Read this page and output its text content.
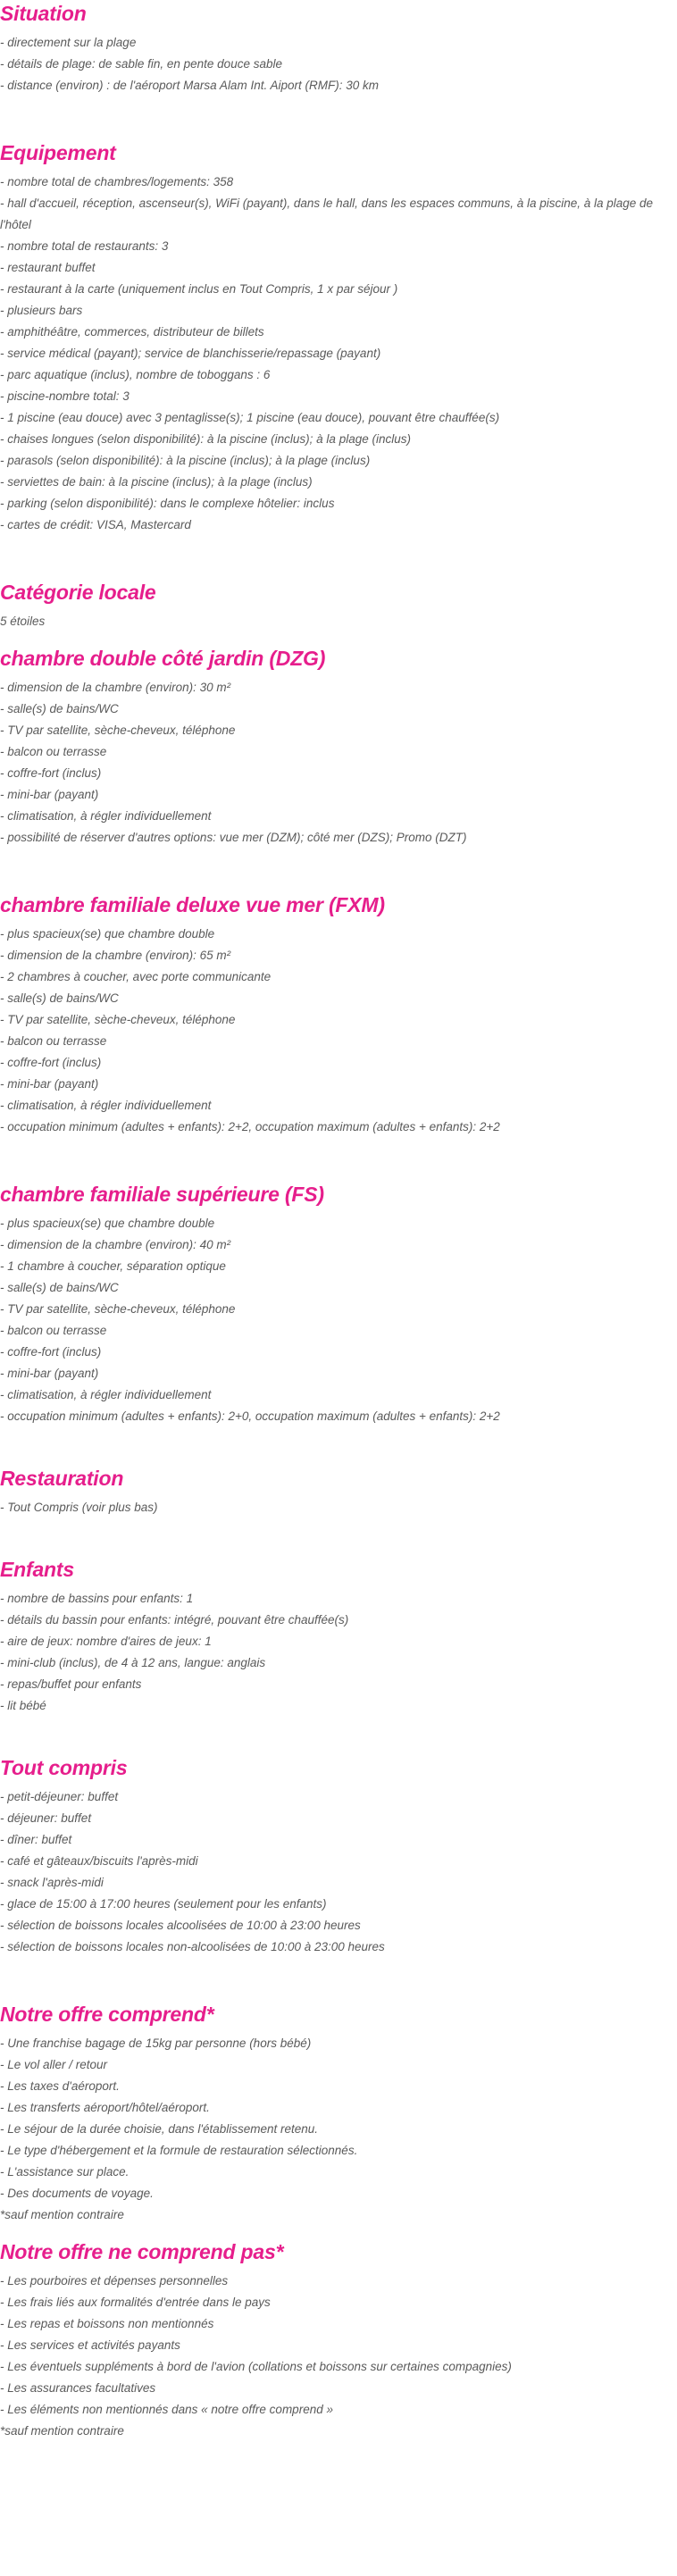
Situation

- directement sur la plage

- détails de plage: de sable fin, en pente douce sable

- distance (environ) : de l'aéroport Marsa Alam Int. Aiport (RMF): 30 km

Equipement

- nombre total de chambres/logements: 358

- hall d'accueil, réception, ascenseur(s), WiFi (payant), dans le hall, dans les espaces communs, à la piscine, à la plage de l'hôtel

- nombre total de restaurants: 3

- restaurant buffet

- restaurant à la carte (uniquement inclus en Tout Compris, 1 x par séjour )

- plusieurs bars

- amphithéâtre, commerces, distributeur de billets

- service médical (payant); service de blanchisserie/repassage (payant)

- parc aquatique (inclus), nombre de toboggans : 6

- piscine-nombre total: 3

- 1 piscine (eau douce) avec 3 pentaglisse(s); 1 piscine (eau douce), pouvant être chauffée(s)

- chaises longues (selon disponibilité): à la piscine (inclus); à la plage (inclus)

- parasols (selon disponibilité): à la piscine (inclus); à la plage (inclus)

- serviettes de bain: à la piscine (inclus); à la plage (inclus)

- parking (selon disponibilité): dans le complexe hôtelier: inclus

- cartes de crédit: VISA, Mastercard

Catégorie locale

5 étoiles

chambre double côté jardin (DZG)

- dimension de la chambre (environ): 30 m²

- salle(s) de bains/WC

- TV par satellite, sèche-cheveux, téléphone

- balcon ou terrasse

- coffre-fort (inclus)

- mini-bar (payant)

- climatisation, à régler individuellement

- possibilité de réserver d'autres options: vue mer (DZM); côté mer (DZS); Promo (DZT)

chambre familiale deluxe vue mer (FXM)

- plus spacieux(se) que chambre double

- dimension de la chambre (environ): 65 m²

- 2 chambres à coucher, avec porte communicante

- salle(s) de bains/WC

- TV par satellite, sèche-cheveux, téléphone

- balcon ou terrasse

- coffre-fort (inclus)

- mini-bar (payant)

- climatisation, à régler individuellement

- occupation minimum (adultes + enfants): 2+2, occupation maximum (adultes + enfants): 2+2

chambre familiale supérieure (FS)

- plus spacieux(se) que chambre double

- dimension de la chambre (environ): 40 m²

- 1 chambre à coucher, séparation optique

- salle(s) de bains/WC

- TV par satellite, sèche-cheveux, téléphone

- balcon ou terrasse

- coffre-fort (inclus)

- mini-bar (payant)

- climatisation, à régler individuellement

- occupation minimum (adultes + enfants): 2+0, occupation maximum (adultes + enfants): 2+2

Restauration

- Tout Compris (voir plus bas)

Enfants

- nombre de bassins pour enfants: 1

- détails du bassin pour enfants: intégré, pouvant être chauffée(s)

- aire de jeux: nombre d'aires de jeux: 1

- mini-club (inclus), de 4 à 12 ans, langue: anglais

- repas/buffet pour enfants

- lit bébé

Tout compris

- petit-déjeuner: buffet

- déjeuner: buffet

- dîner: buffet

- café et gâteaux/biscuits l'après-midi

- snack l'après-midi

- glace de 15:00 à 17:00 heures (seulement pour les enfants)

- sélection de boissons locales alcoolisées de 10:00 à 23:00 heures

- sélection de boissons locales non-alcoolisées de 10:00 à 23:00 heures

Notre offre comprend*

- Une franchise bagage de 15kg par personne (hors bébé)

- Le vol aller / retour

- Les taxes d'aéroport.

- Les transferts aéroport/hôtel/aéroport.

- Le séjour de la durée choisie, dans l'établissement retenu.

- Le type d'hébergement et la formule de restauration sélectionnés.

- L'assistance sur place.

- Des documents de voyage.

*sauf mention contraire

Notre offre ne comprend pas*

- Les pourboires et dépenses personnelles

- Les frais liés aux formalités d'entrée dans le pays

- Les repas et boissons non mentionnés

- Les services et activités payants

- Les éventuels suppléments à bord de l'avion (collations et boissons sur certaines compagnies)

- Les assurances facultatives

- Les éléments non mentionnés dans « notre offre comprend »

*sauf mention contraire
